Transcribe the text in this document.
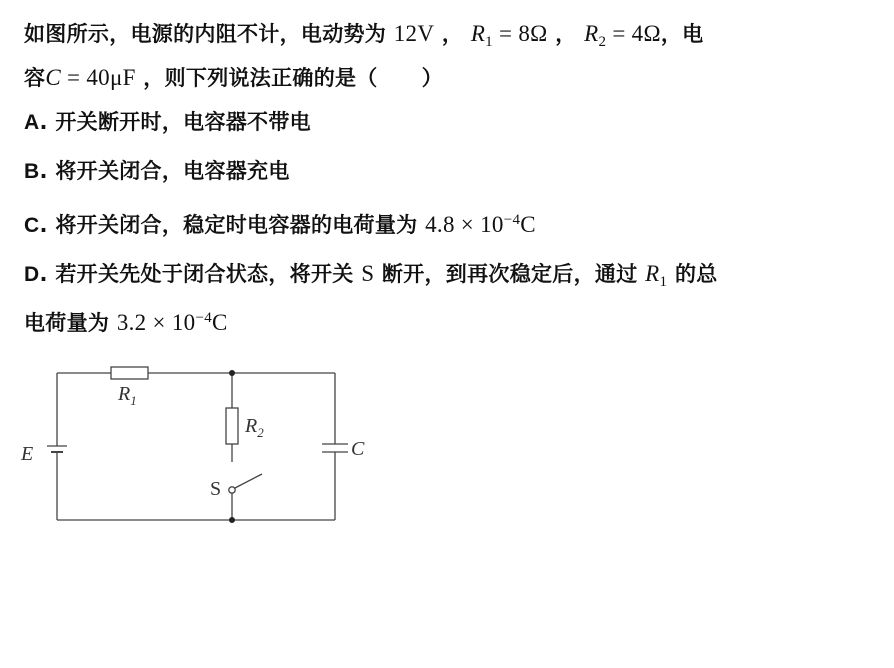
如图所示，电源的内阻不计，电动势为 12V ， $R_1 = 8\Omega$ ， $R_2 = 4\Omega$，电
容C = 40μF ，则下列说法正确的是（ ）
A. 开关断开时，电容器不带电
B. 将开关闭合，电容器充电
C. 将开关闭合，稳定时电容器的电荷量为 $4.8 \times 10^{-4}C$
D. 若开关先处于闭合状态，将开关 S 断开，到再次稳定后，通过 $R_1$ 的总
电荷量为 $3.2 \times 10^{-4}C$
$R_1$
$R_2$
E	C
S
